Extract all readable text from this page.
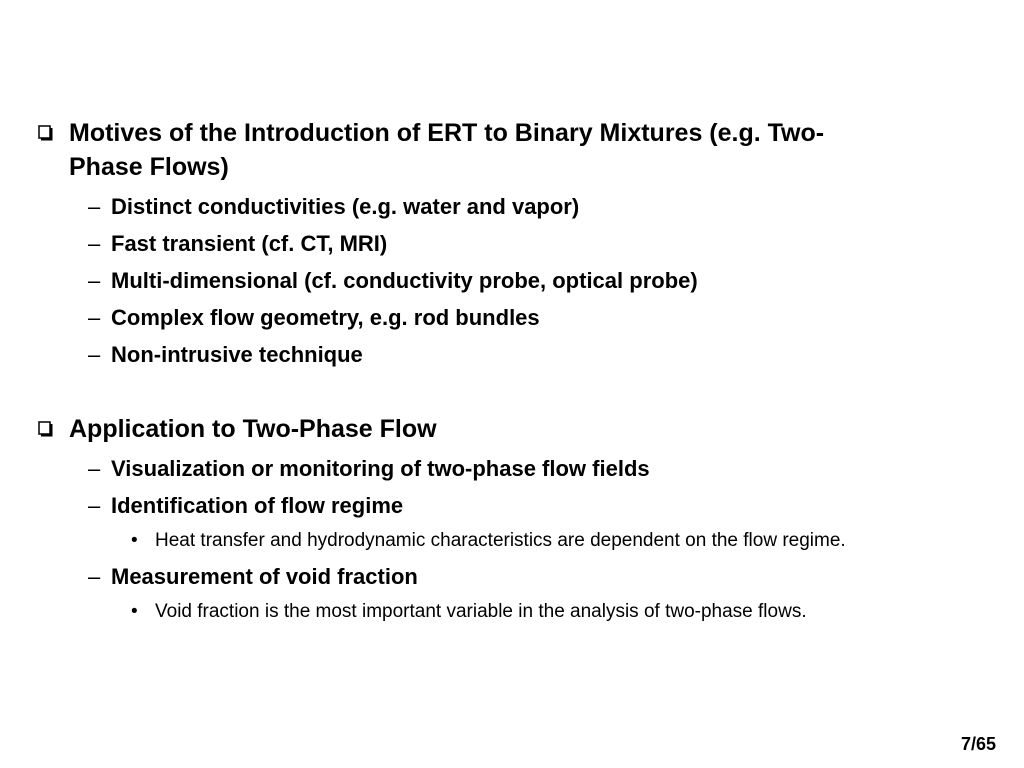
Motives of the Introduction of ERT to Binary Mixtures (e.g. Two-
Phase Flows)
– Distinct conductivities (e.g. water and vapor)
– Fast transient (cf. CT, MRI)
– Multi-dimensional (cf. conductivity probe, optical probe)
– Complex flow geometry, e.g. rod bundles
– Non-intrusive technique
Application to Two-Phase Flow
– Visualization or monitoring of two-phase flow fields
– Identification of flow regime
• Heat transfer and hydrodynamic characteristics are dependent on the flow regime.
– Measurement of void fraction
• Void fraction is the most important variable in the analysis of two-phase flows.
7/65
